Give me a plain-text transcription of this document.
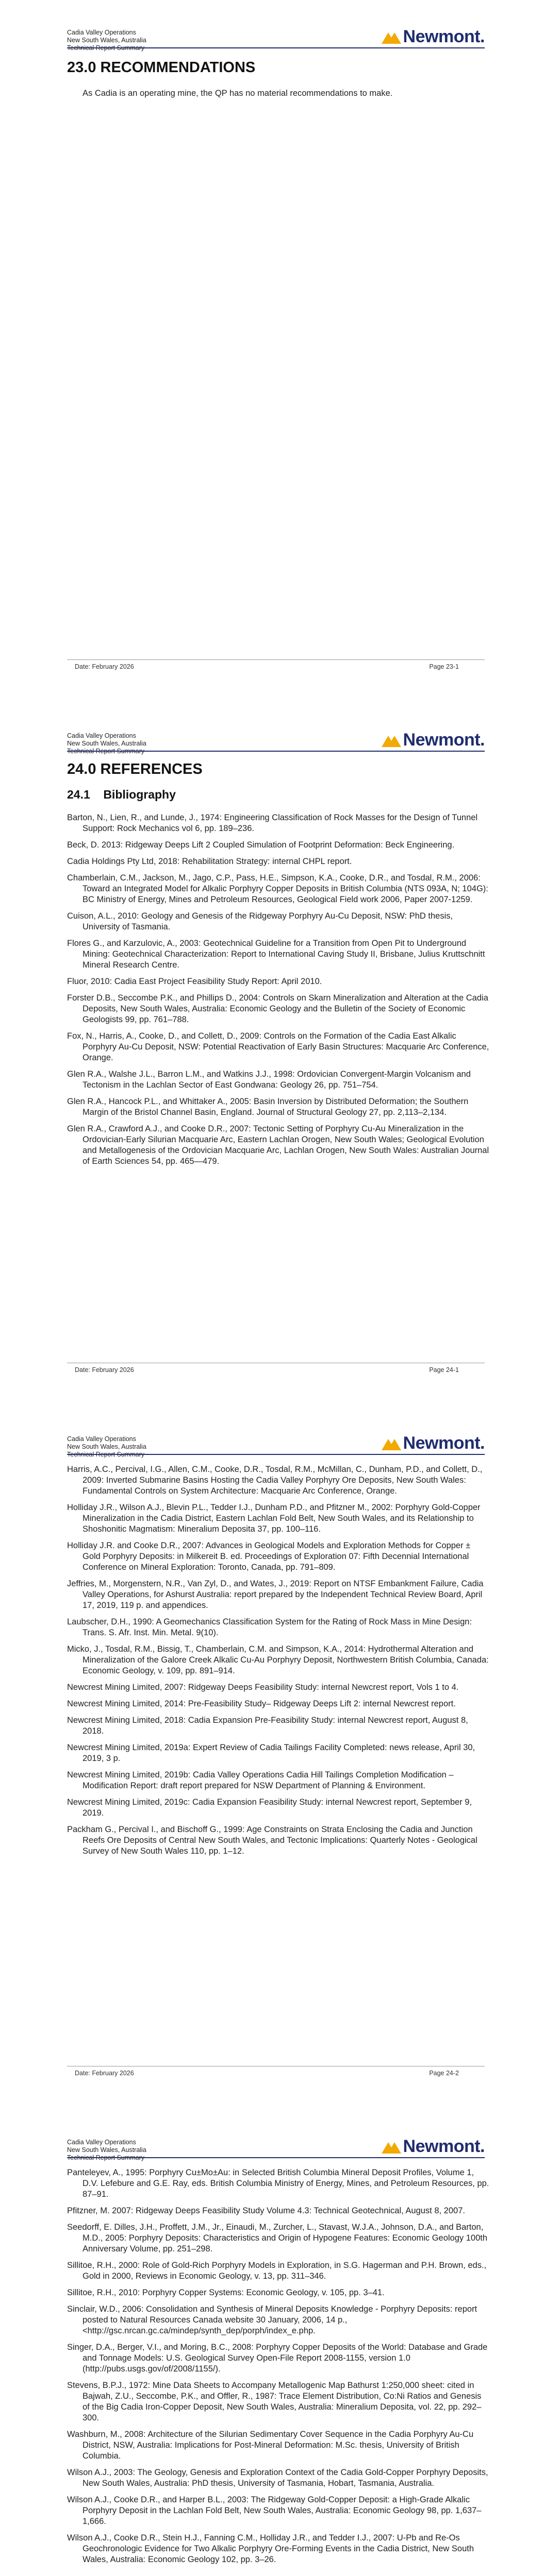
Cadia Valley Operations
New South Wales, Australia
Technical Report Summary
Newmont.
23.0 RECOMMENDATIONS
As Cadia is an operating mine, the QP has no material recommendations to make.
Date: February 2026	Page 23-1
Cadia Valley Operations
New South Wales, Australia
Technical Report Summary
Newmont.
24.0 REFERENCES
24.1    Bibliography

Barton, N., Lien, R., and Lunde, J., 1974: Engineering Classification of Rock Masses for the Design of Tunnel Support: Rock Mechanics vol 6, pp. 189–236.

Beck, D. 2013: Ridgeway Deeps Lift 2 Coupled Simulation of Footprint Deformation: Beck Engineering.

Cadia Holdings Pty Ltd, 2018: Rehabilitation Strategy: internal CHPL report.

Chamberlain, C.M., Jackson, M., Jago, C.P., Pass, H.E., Simpson, K.A., Cooke, D.R., and Tosdal, R.M., 2006: Toward an Integrated Model for Alkalic Porphyry Copper Deposits in British Columbia (NTS 093A, N; 104G): BC Ministry of Energy, Mines and Petroleum Resources, Geological Field work 2006, Paper 2007-1259.

Cuison, A.L., 2010: Geology and Genesis of the Ridgeway Porphyry Au-Cu Deposit, NSW: PhD thesis, University of Tasmania.

Flores G., and Karzulovic, A., 2003: Geotechnical Guideline for a Transition from Open Pit to Underground Mining: Geotechnical Characterization: Report to International Caving Study II, Brisbane, Julius Kruttschnitt Mineral Research Centre.

Fluor, 2010: Cadia East Project Feasibility Study Report: April 2010.

Forster D.B., Seccombe P.K., and Phillips D., 2004: Controls on Skarn Mineralization and Alteration at the Cadia Deposits, New South Wales, Australia: Economic Geology and the Bulletin of the Society of Economic Geologists 99, pp. 761–788.

Fox, N., Harris, A., Cooke, D., and Collett, D., 2009: Controls on the Formation of the Cadia East Alkalic Porphyry Au-Cu Deposit, NSW: Potential Reactivation of Early Basin Structures: Macquarie Arc Conference, Orange.

Glen R.A., Walshe J.L., Barron L.M., and Watkins J.J., 1998: Ordovician Convergent-Margin Volcanism and Tectonism in the Lachlan Sector of East Gondwana: Geology 26, pp. 751–754.

Glen R.A., Hancock P.L., and Whittaker A., 2005: Basin Inversion by Distributed Deformation; the Southern Margin of the Bristol Channel Basin, England. Journal of Structural Geology 27, pp. 2,113–2,134.

Glen R.A., Crawford A.J., and Cooke D.R., 2007: Tectonic Setting of Porphyry Cu-Au Mineralization in the Ordovician-Early Silurian Macquarie Arc, Eastern Lachlan Orogen, New South Wales; Geological Evolution and Metallogenesis of the Ordovician Macquarie Arc, Lachlan Orogen, New South Wales: Australian Journal of Earth Sciences 54, pp. 465—479.

Date: February 2026	Page 24-1
Cadia Valley Operations
New South Wales, Australia
Technical Report Summary
Newmont.

Harris, A.C., Percival, I.G., Allen, C.M., Cooke, D.R., Tosdal, R.M., McMillan, C., Dunham, P.D., and Collett, D., 2009: Inverted Submarine Basins Hosting the Cadia Valley Porphyry Ore Deposits, New South Wales: Fundamental Controls on System Architecture: Macquarie Arc Conference, Orange.

Holliday J.R., Wilson A.J., Blevin P.L., Tedder I.J., Dunham P.D., and Pfitzner M., 2002: Porphyry Gold-Copper Mineralization in the Cadia District, Eastern Lachlan Fold Belt, New South Wales, and its Relationship to Shoshonitic Magmatism: Mineralium Deposita 37, pp. 100–116.

Holliday J.R. and Cooke D.R., 2007: Advances in Geological Models and Exploration Methods for Copper ± Gold Porphyry Deposits: in Milkereit B. ed. Proceedings of Exploration 07: Fifth Decennial International Conference on Mineral Exploration: Toronto, Canada, pp. 791–809.

Jeffries, M., Morgenstern, N.R., Van Zyl, D., and Wates, J., 2019: Report on NTSF Embankment Failure, Cadia Valley Operations, for Ashurst Australia: report prepared by the Independent Technical Review Board, April 17, 2019, 119 p. and appendices.

Laubscher, D.H., 1990: A Geomechanics Classification System for the Rating of Rock Mass in Mine Design: Trans. S. Afr. Inst. Min. Metal. 9(10).

Micko, J., Tosdal, R.M., Bissig, T., Chamberlain, C.M. and Simpson, K.A., 2014: Hydrothermal Alteration and Mineralization of the Galore Creek Alkalic Cu-Au Porphyry Deposit, Northwestern British Columbia, Canada: Economic Geology, v. 109, pp. 891–914.

Newcrest Mining Limited, 2007: Ridgeway Deeps Feasibility Study: internal Newcrest report, Vols 1 to 4.

Newcrest Mining Limited, 2014: Pre-Feasibility Study– Ridgeway Deeps Lift 2: internal Newcrest report.

Newcrest Mining Limited, 2018: Cadia Expansion Pre-Feasibility Study: internal Newcrest report, August 8, 2018.

Newcrest Mining Limited, 2019a: Expert Review of Cadia Tailings Facility Completed: news release, April 30, 2019, 3 p.

Newcrest Mining Limited, 2019b: Cadia Valley Operations Cadia Hill Tailings Completion Modification – Modification Report: draft report prepared for NSW Department of Planning & Environment.

Newcrest Mining Limited, 2019c: Cadia Expansion Feasibility Study: internal Newcrest report, September 9, 2019.

Packham G., Percival I., and Bischoff G., 1999: Age Constraints on Strata Enclosing the Cadia and Junction Reefs Ore Deposits of Central New South Wales, and Tectonic Implications: Quarterly Notes - Geological Survey of New South Wales 110, pp. 1–12.

Date: February 2026	Page 24-2
Cadia Valley Operations
New South Wales, Australia
Technical Report Summary
Newmont.

Panteleyev, A., 1995: Porphyry Cu±Mo±Au: in Selected British Columbia Mineral Deposit Profiles, Volume 1, D.V. Lefebure and G.E. Ray, eds. British Columbia Ministry of Energy, Mines, and Petroleum Resources, pp. 87–91.

Pfitzner, M. 2007: Ridgeway Deeps Feasibility Study Volume 4.3: Technical Geotechnical, August 8, 2007.

Seedorff, E. Dilles, J.H., Proffett, J.M., Jr., Einaudi, M., Zurcher, L., Stavast, W.J.A., Johnson, D.A., and Barton, M.D., 2005: Porphyry Deposits: Characteristics and Origin of Hypogene Features: Economic Geology 100th Anniversary Volume, pp. 251–298.

Sillitoe, R.H., 2000: Role of Gold-Rich Porphyry Models in Exploration, in S.G. Hagerman and P.H. Brown, eds., Gold in 2000, Reviews in Economic Geology, v. 13, pp. 311–346.

Sillitoe, R.H., 2010: Porphyry Copper Systems: Economic Geology, v. 105, pp. 3–41.

Sinclair, W.D., 2006: Consolidation and Synthesis of Mineral Deposits Knowledge - Porphyry Deposits: report posted to Natural Resources Canada website 30 January, 2006, 14 p., <http://gsc.nrcan.gc.ca/mindep/synth_dep/porph/index_e.php.

Singer, D.A., Berger, V.I., and Moring, B.C., 2008: Porphyry Copper Deposits of the World: Database and Grade and Tonnage Models: U.S. Geological Survey Open-File Report 2008-1155, version 1.0 (http://pubs.usgs.gov/of/2008/1155/).

Stevens, B.P.J., 1972: Mine Data Sheets to Accompany Metallogenic Map Bathurst 1:250,000 sheet: cited in Bajwah, Z.U., Seccombe, P.K., and Offler, R., 1987: Trace Element Distribution, Co:Ni Ratios and Genesis of the Big Cadia Iron-Copper Deposit, New South Wales, Australia: Mineralium Deposita, vol. 22, pp. 292–300.

Washburn, M., 2008: Architecture of the Silurian Sedimentary Cover Sequence in the Cadia Porphyry Au-Cu District, NSW, Australia: Implications for Post-Mineral Deformation: M.Sc. thesis, University of British Columbia.

Wilson A.J., 2003: The Geology, Genesis and Exploration Context of the Cadia Gold-Copper Porphyry Deposits, New South Wales, Australia: PhD thesis, University of Tasmania, Hobart, Tasmania, Australia.

Wilson A.J., Cooke D.R., and Harper B.L., 2003: The Ridgeway Gold-Copper Deposit: a High-Grade Alkalic Porphyry Deposit in the Lachlan Fold Belt, New South Wales, Australia: Economic Geology 98, pp. 1,637–1,666.

Wilson A.J., Cooke D.R., Stein H.J., Fanning C.M., Holliday J.R., and Tedder I.J., 2007: U-Pb and Re-Os Geochronologic Evidence for Two Alkalic Porphyry Ore-Forming Events in the Cadia District, New South Wales, Australia: Economic Geology 102, pp. 3–26.
